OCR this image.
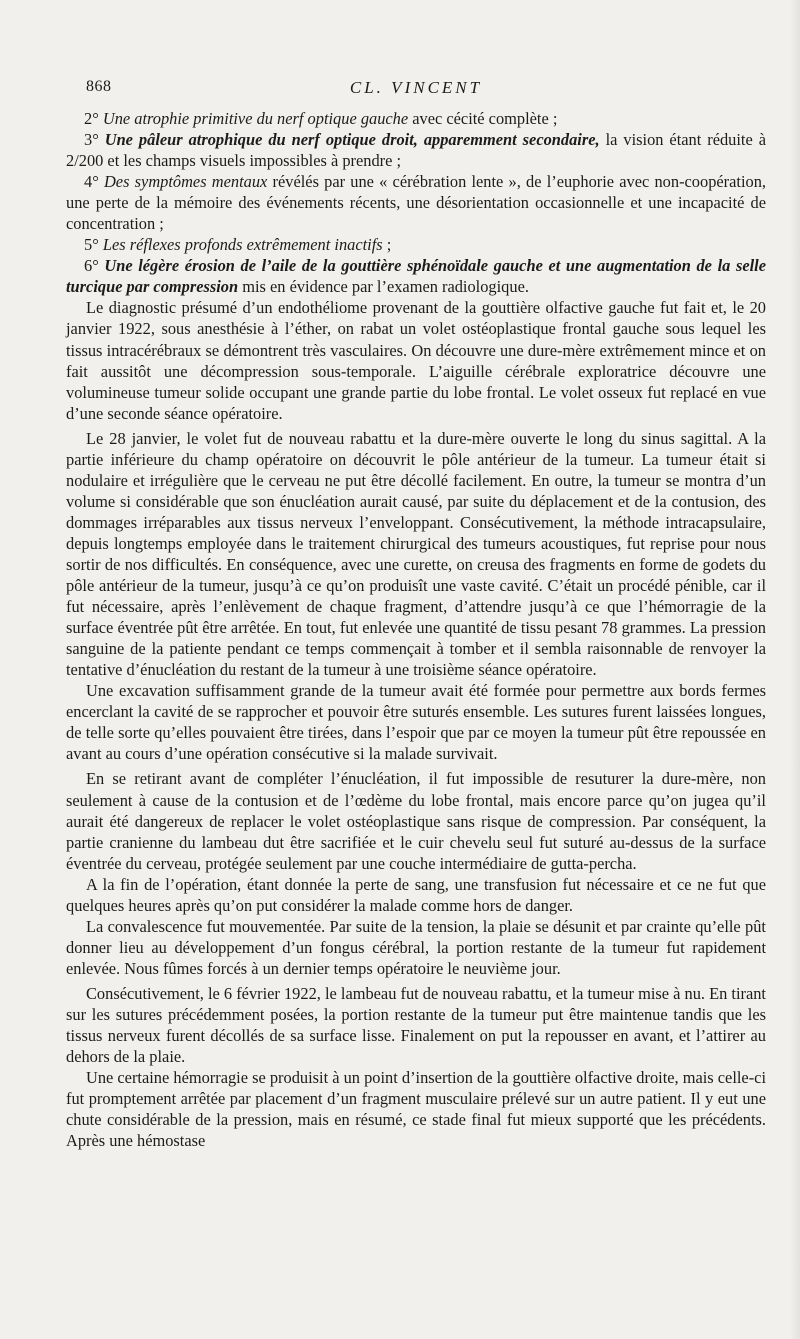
868	CL. VINCENT

2° Une atrophie primitive du nerf optique gauche avec cécité complète ;

3° Une pâleur atrophique du nerf optique droit, apparemment secondaire, la vision étant réduite à 2/200 et les champs visuels impossibles à prendre ;

4° Des symptômes mentaux révélés par une « cérébration lente », de l’euphorie avec non-coopération, une perte de la mémoire des événements récents, une désorientation occasionnelle et une incapacité de concentration ;

5° Les réflexes profonds extrêmement inactifs ;

6° Une légère érosion de l’aile de la gouttière sphénoïdale gauche et une augmentation de la selle turcique par compression mis en évidence par l’examen radiologique.

Le diagnostic présumé d’un endothéliome provenant de la gouttière olfactive gauche fut fait et, le 20 janvier 1922, sous anesthésie à l’éther, on rabat un volet ostéoplastique frontal gauche sous lequel les tissus intracérébraux se démontrent très vasculaires. On découvre une dure-mère extrêmement mince et on fait aussitôt une décompression sous-temporale. L’aiguille cérébrale exploratrice découvre une volumineuse tumeur solide occupant une grande partie du lobe frontal. Le volet osseux fut replacé en vue d’une seconde séance opératoire.

Le 28 janvier, le volet fut de nouveau rabattu et la dure-mère ouverte le long du sinus sagittal. A la partie inférieure du champ opératoire on découvrit le pôle antérieur de la tumeur. La tumeur était si nodulaire et irrégulière que le cerveau ne put être décollé facilement. En outre, la tumeur se montra d’un volume si considérable que son énucléation aurait causé, par suite du déplacement et de la contusion, des dommages irréparables aux tissus nerveux l’enveloppant. Consécutivement, la méthode intracapsulaire, depuis longtemps employée dans le traitement chirurgical des tumeurs acoustiques, fut reprise pour nous sortir de nos difficultés. En conséquence, avec une curette, on creusa des fragments en forme de godets du pôle antérieur de la tumeur, jusqu’à ce qu’on produisît une vaste cavité. C’était un procédé pénible, car il fut nécessaire, après l’enlèvement de chaque fragment, d’attendre jusqu’à ce que l’hémorragie de la surface éventrée pût être arrêtée. En tout, fut enlevée une quantité de tissu pesant 78 grammes. La pression sanguine de la patiente pendant ce temps commençait à tomber et il sembla raisonnable de renvoyer la tentative d’énucléation du restant de la tumeur à une troisième séance opératoire.

Une excavation suffisamment grande de la tumeur avait été formée pour permettre aux bords fermes encerclant la cavité de se rapprocher et pouvoir être suturés ensemble. Les sutures furent laissées longues, de telle sorte qu’elles pouvaient être tirées, dans l’espoir que par ce moyen la tumeur pût être repoussée en avant au cours d’une opération consécutive si la malade survivait.

En se retirant avant de compléter l’énucléation, il fut impossible de resuturer la dure-mère, non seulement à cause de la contusion et de l’œdème du lobe frontal, mais encore parce qu’on jugea qu’il aurait été dangereux de replacer le volet ostéoplastique sans risque de compression. Par conséquent, la partie cranienne du lambeau dut être sacrifiée et le cuir chevelu seul fut suturé au-dessus de la surface éventrée du cerveau, protégée seulement par une couche intermédiaire de gutta-percha.

A la fin de l’opération, étant donnée la perte de sang, une transfusion fut nécessaire et ce ne fut que quelques heures après qu’on put considérer la malade comme hors de danger.

La convalescence fut mouvementée. Par suite de la tension, la plaie se désunit et par crainte qu’elle pût donner lieu au développement d’un fongus cérébral, la portion restante de la tumeur fut rapidement enlevée. Nous fûmes forcés à un dernier temps opératoire le neuvième jour.

Consécutivement, le 6 février 1922, le lambeau fut de nouveau rabattu, et la tumeur mise à nu. En tirant sur les sutures précédemment posées, la portion restante de la tumeur put être maintenue tandis que les tissus nerveux furent décollés de sa surface lisse. Finalement on put la repousser en avant, et l’attirer au dehors de la plaie.

Une certaine hémorragie se produisit à un point d’insertion de la gouttière olfactive droite, mais celle-ci fut promptement arrêtée par placement d’un fragment musculaire prélevé sur un autre patient. Il y eut une chute considérable de la pression, mais en résumé, ce stade final fut mieux supporté que les précédents. Après une hémostase
